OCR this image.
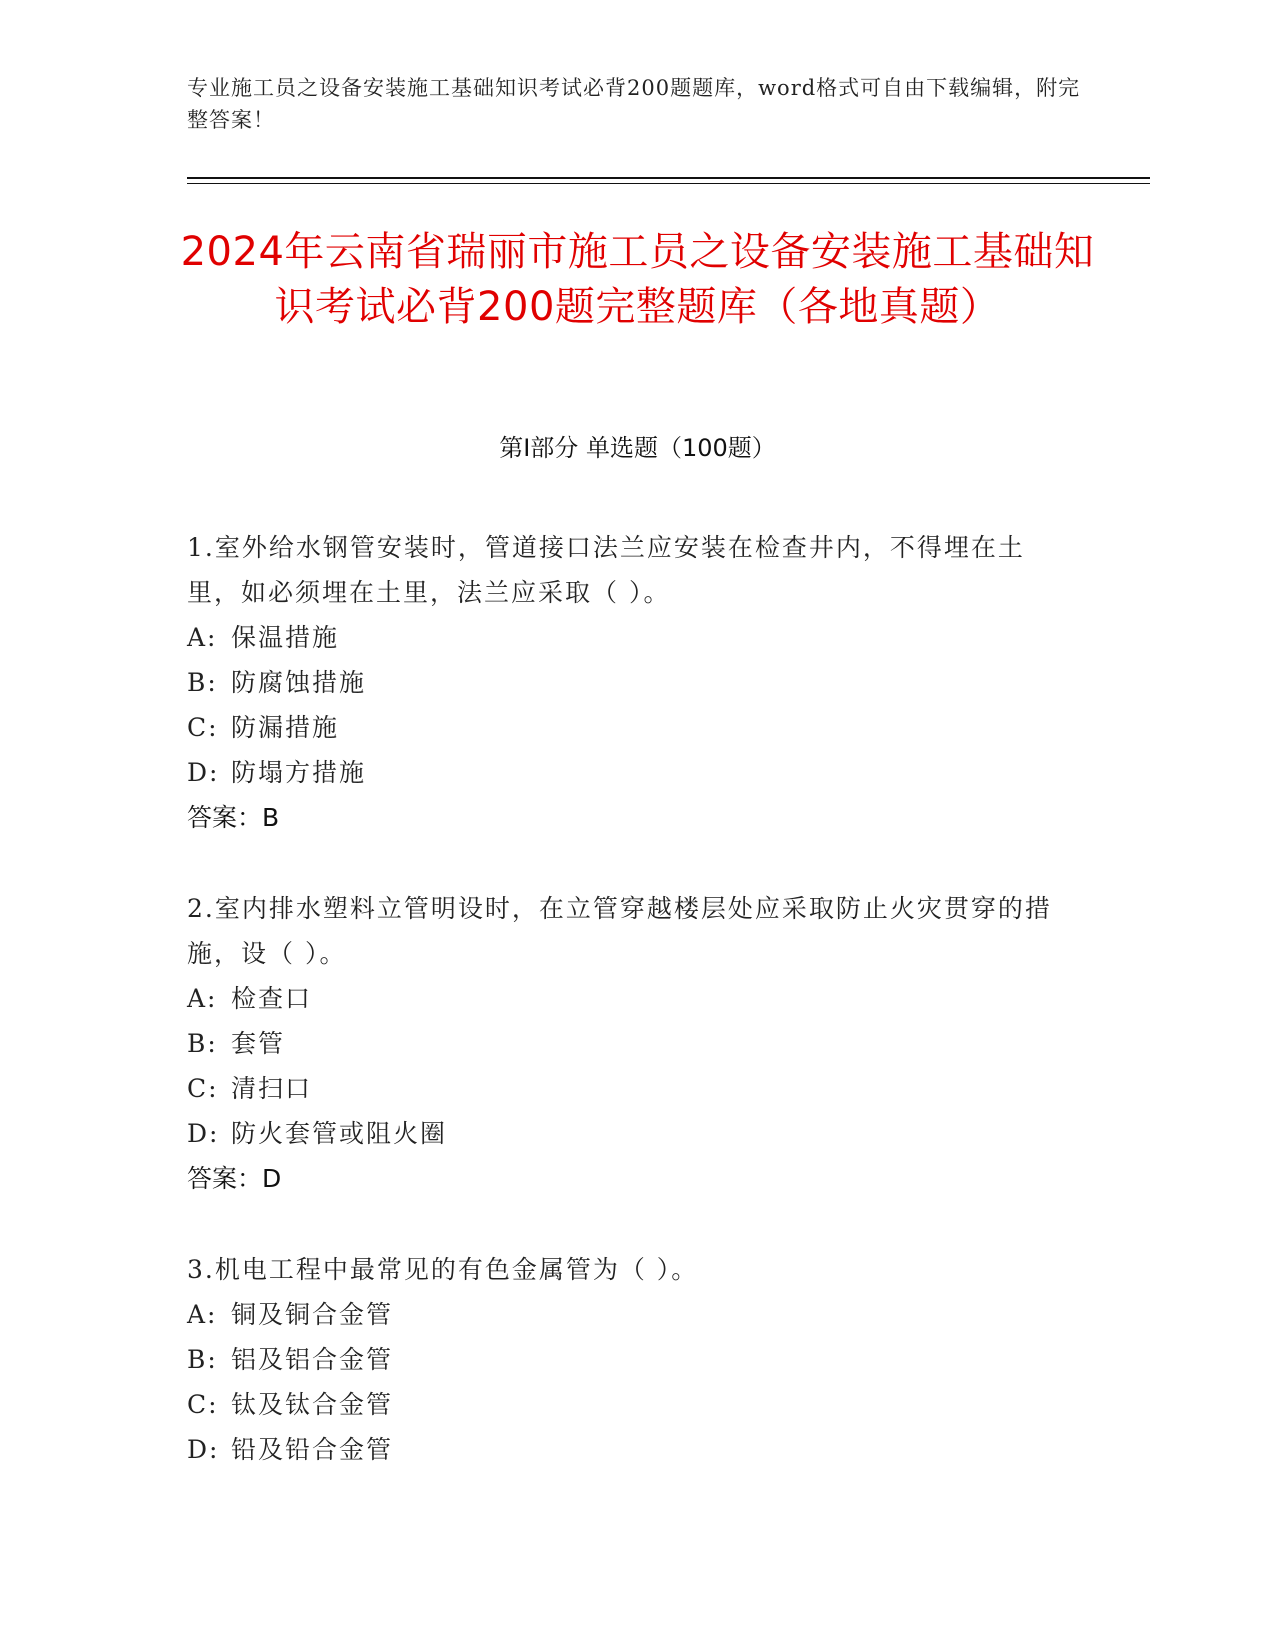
专业施工员之设备安装施工基础知识考试必背200题题库，word格式可自由下载编辑，附完整答案！
2024年云南省瑞丽市施工员之设备安装施工基础知识考试必背200题完整题库（各地真题）
第I部分 单选题（100题）
1.室外给水钢管安装时，管道接口法兰应安装在检查井内，不得埋在土里，如必须埋在土里，法兰应采取（ ）。
A: 保温措施
B: 防腐蚀措施
C: 防漏措施
D: 防塌方措施
答案：B
2.室内排水塑料立管明设时，在立管穿越楼层处应采取防止火灾贯穿的措施，设（ ）。
A: 检查口
B: 套管
C: 清扫口
D: 防火套管或阻火圈
答案：D
3.机电工程中最常见的有色金属管为（ ）。
A: 铜及铜合金管
B: 铝及铝合金管
C: 钛及钛合金管
D: 铅及铅合金管
